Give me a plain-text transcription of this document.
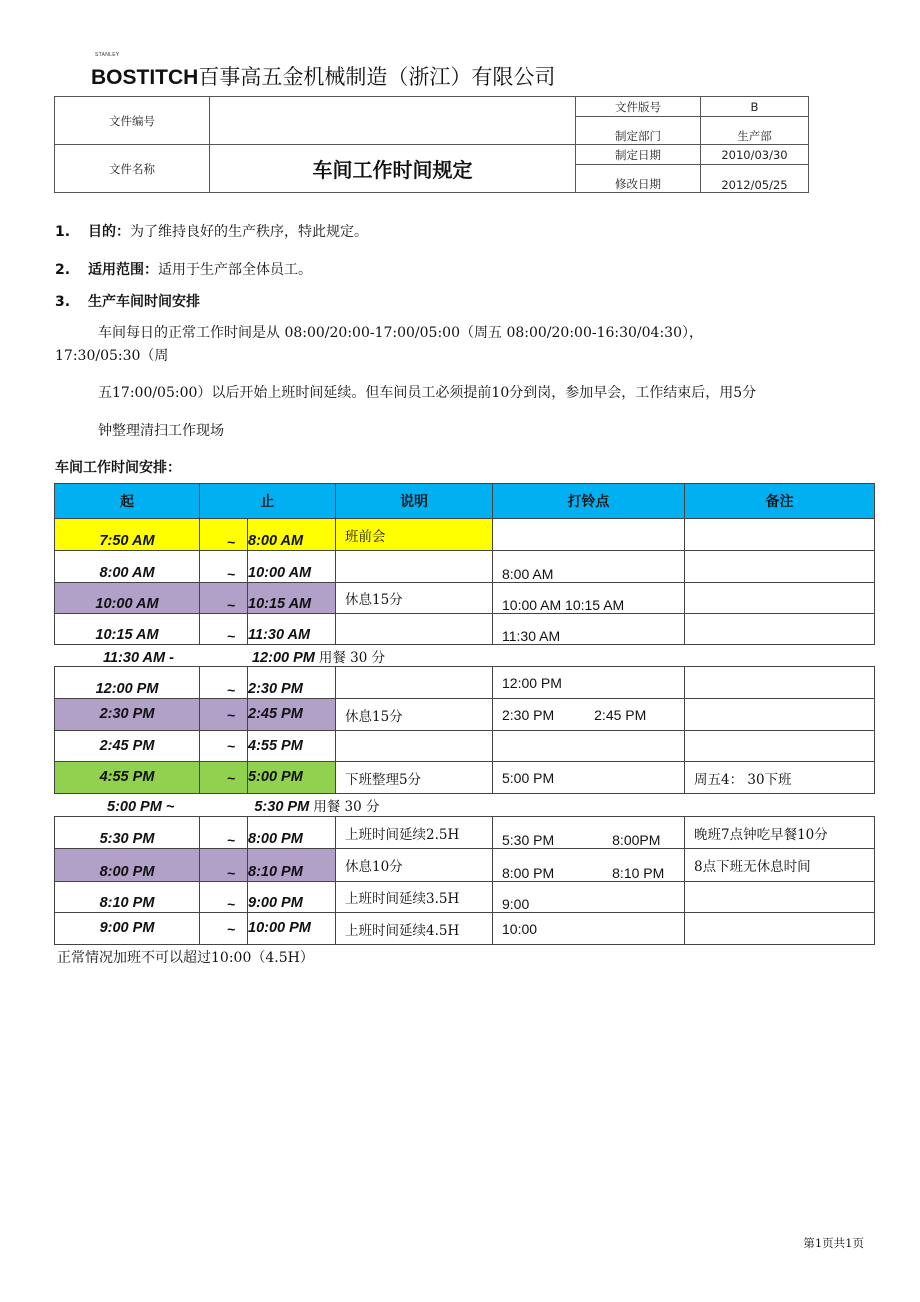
STANLEY
BOSTITCH百事高五金机械制造（浙江）有限公司
文件编号		文件版号	B
		制定部门	生产部
文件名称	车间工作时间规定	制定日期	2010/03/30
		修改日期	2012/05/25
1. 目的：为了维持良好的生产秩序，特此规定。
2. 适用范围：适用于生产部全体员工。
3. 生产车间时间安排
车间每日的正常工作时间是从 08:00/20:00-17:00/05:00（周五 08:00/20:00-16:30/04:30），
17:30/05:30（周
五17:00/05:00）以后开始上班时间延续。但车间员工必须提前10分到岗，参加早会，工作结束后，用5分
钟整理清扫工作现场
车间工作时间安排：
起	止		说明	打铃点	备注
7:50 AM	~	8:00 AM	班前会		
8:00 AM	~	10:00 AM		8:00 AM	
10:00 AM	~	10:15 AM	休息15分	10:00 AM 10:15 AM	
10:15 AM	~	11:30 AM		11:30 AM	
11:30 AM -	12:00 PM 用餐 30 分
12:00 PM	~	2:30 PM		12:00 PM	
2:30 PM	~	2:45 PM	休息15分	2:30 PM 2:45 PM	
2:45 PM	~	4:55 PM			
4:55 PM	~	5:00 PM	下班整理5分	5:00 PM	周五4： 30下班
5:00 PM ~	5:30 PM 用餐 30 分
5:30 PM	~	8:00 PM	上班时间延续2.5H	5:30 PM 8:00PM	晚班7点钟吃早餐10分
8:00 PM	~	8:10 PM	休息10分	8:00 PM 8:10 PM	8点下班无休息时间
8:10 PM	~	9:00 PM	上班时间延续3.5H	9:00	
9:00 PM	~	10:00 PM	上班时间延续4.5H	10:00	
正常情况加班不可以超过10:00（4.5H）
第1页共1页
